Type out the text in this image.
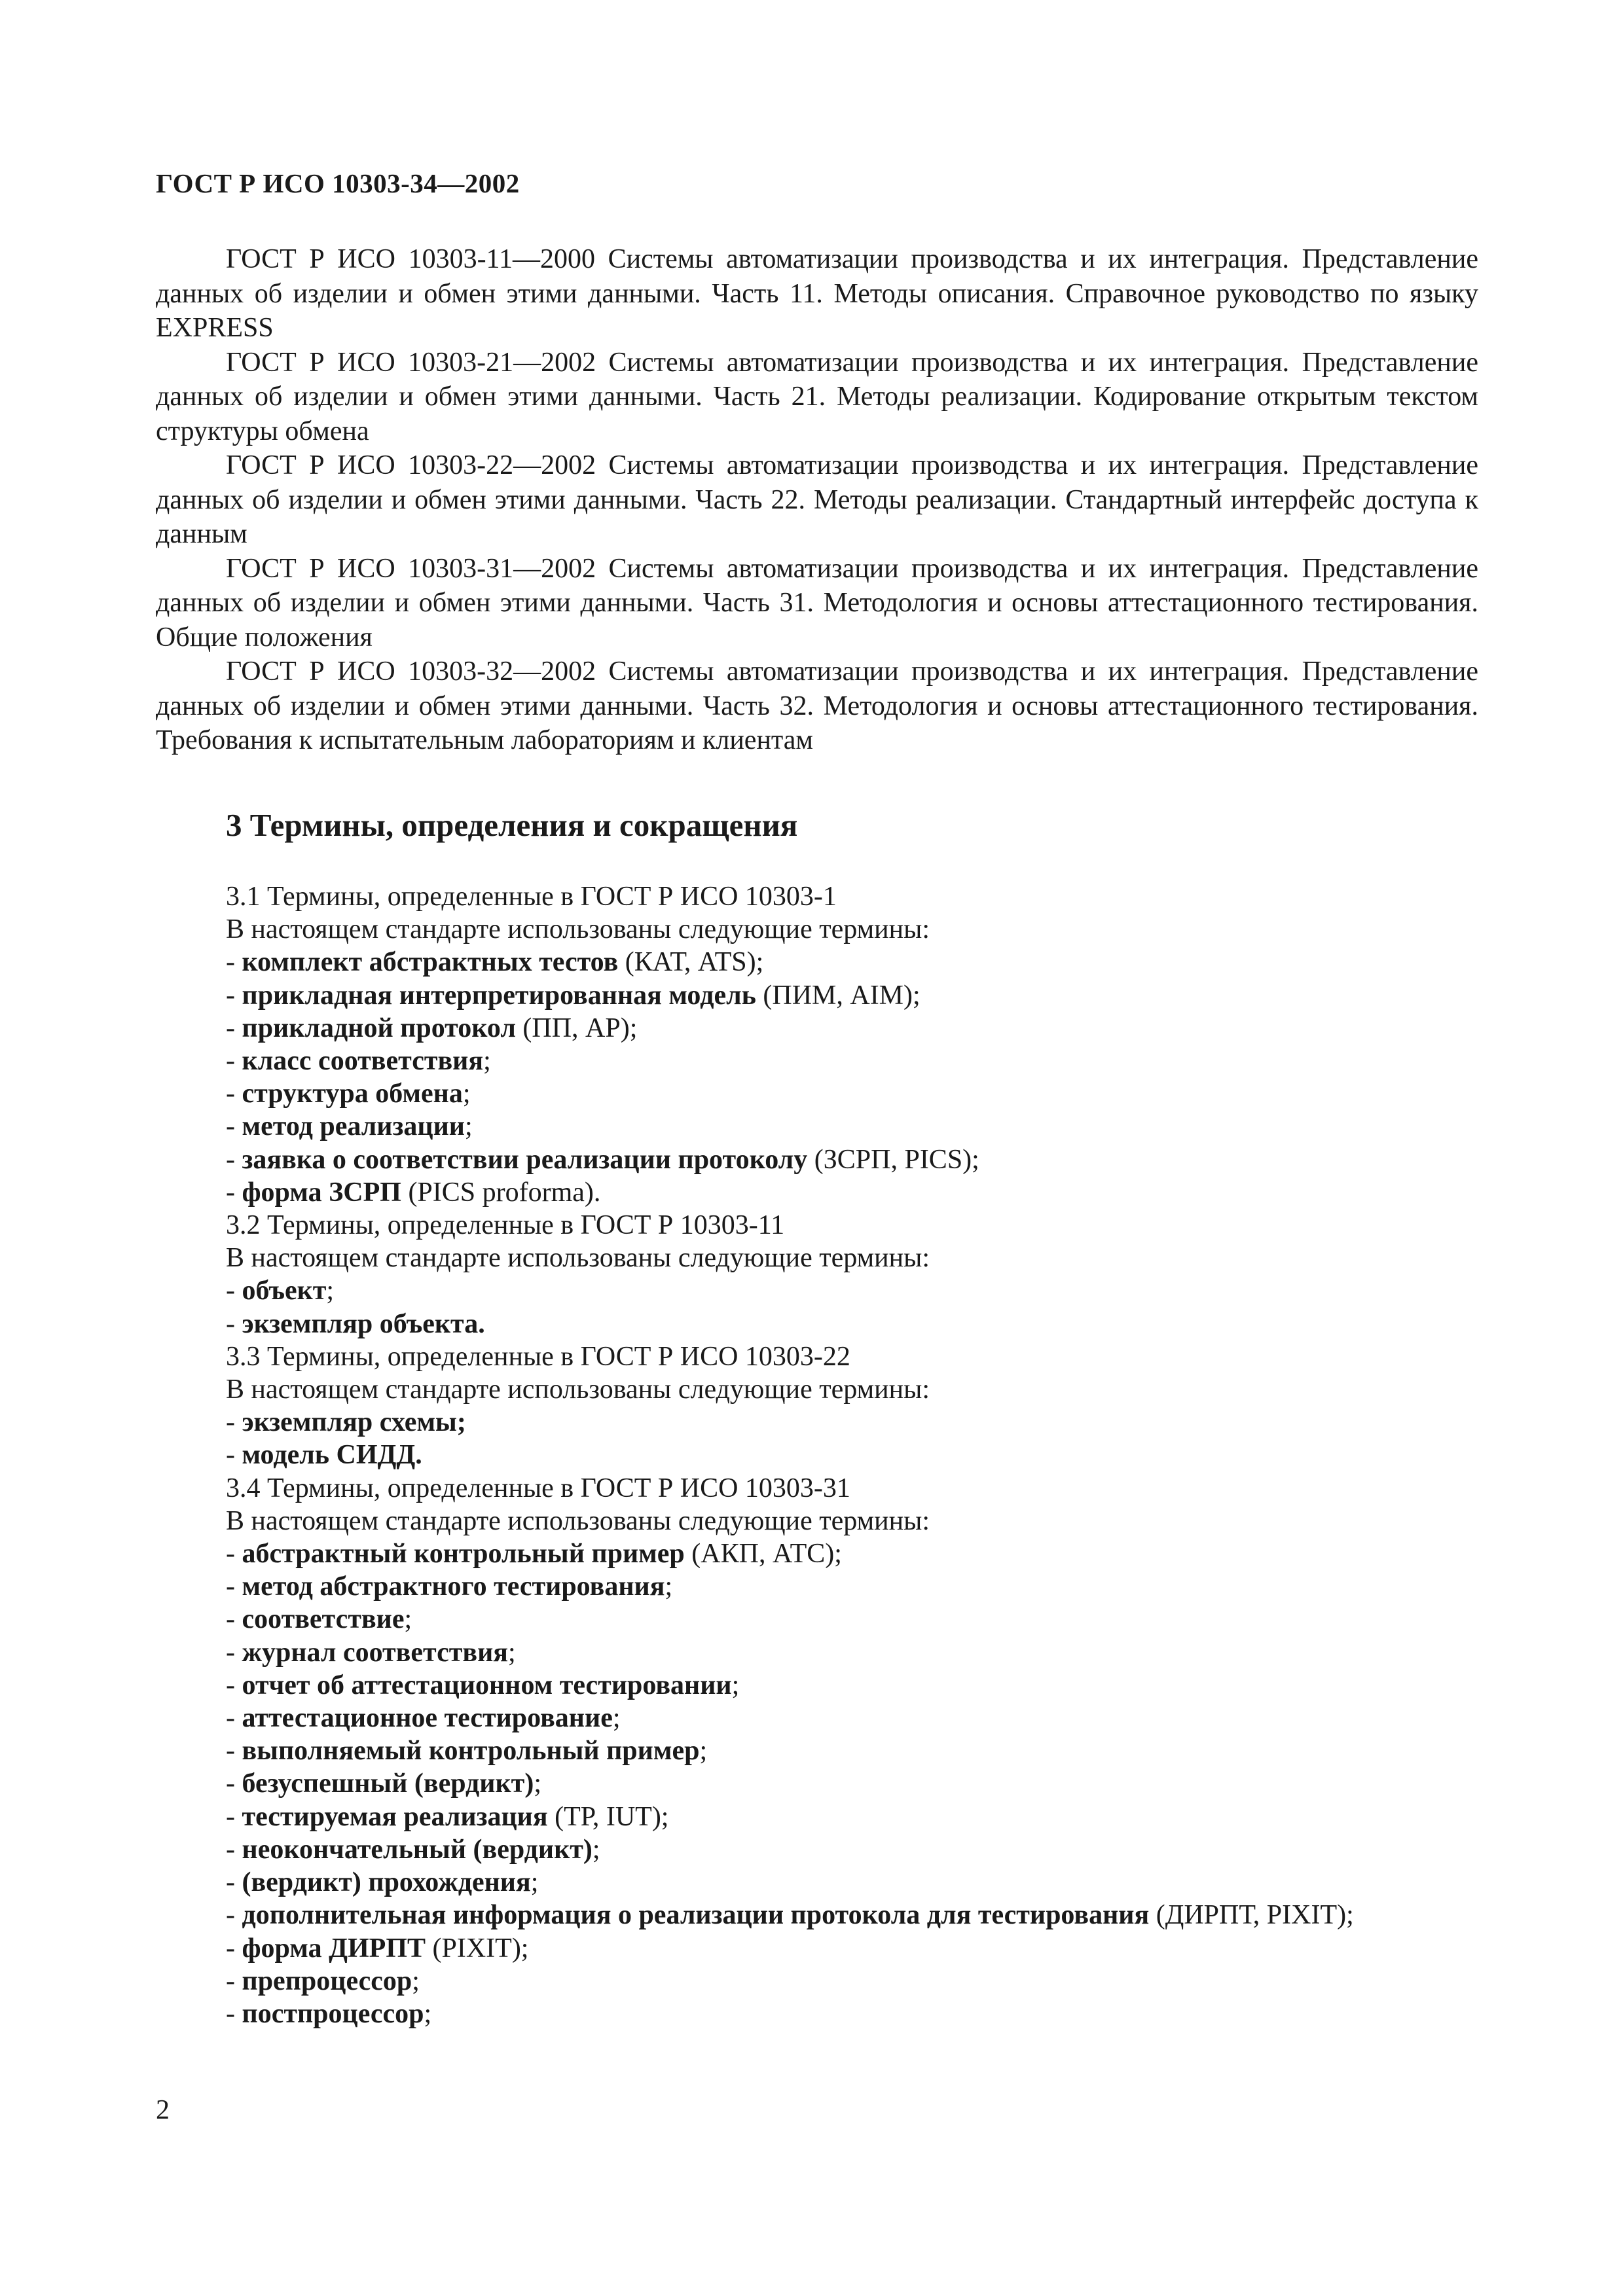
ГОСТ Р ИСО 10303-34—2002

ГОСТ Р ИСО 10303-11—2000 Системы автоматизации производства и их интеграция. Представление данных об изделии и обмен этими данными. Часть 11. Методы описания. Справочное руководство по языку EXPRESS

ГОСТ Р ИСО 10303-21—2002 Системы автоматизации производства и их интеграция. Представление данных об изделии и обмен этими данными. Часть 21. Методы реализации. Кодирование открытым текстом структуры обмена

ГОСТ Р ИСО 10303-22—2002 Системы автоматизации производства и их интеграция. Представление данных об изделии и обмен этими данными. Часть 22. Методы реализации. Стандартный интерфейс доступа к данным

ГОСТ Р ИСО 10303-31—2002 Системы автоматизации производства и их интеграция. Представление данных об изделии и обмен этими данными. Часть 31. Методология и основы аттестационного тестирования. Общие положения

ГОСТ Р ИСО 10303-32—2002 Системы автоматизации производства и их интеграция. Представление данных об изделии и обмен этими данными. Часть 32. Методология и основы аттестационного тестирования. Требования к испытательным лабораториям и клиентам

3 Термины, определения и сокращения

3.1 Термины, определенные в ГОСТ Р ИСО 10303-1

В настоящем стандарте использованы следующие термины:

- комплект абстрактных тестов (КАТ, ATS);

- прикладная интерпретированная модель (ПИМ, AIM);

- прикладной протокол (ПП, AP);

- класс соответствия;

- структура обмена;

- метод реализации;

- заявка о соответствии реализации протоколу (ЗСРП, PICS);

- форма ЗСРП (PICS proforma).

3.2 Термины, определенные в ГОСТ Р 10303-11

В настоящем стандарте использованы следующие термины:

- объект;

- экземпляр объекта.

3.3 Термины, определенные в ГОСТ Р ИСО 10303-22

В настоящем стандарте использованы следующие термины:

- экземпляр схемы;

- модель СИДД.

3.4 Термины, определенные в ГОСТ Р ИСО 10303-31

В настоящем стандарте использованы следующие термины:

- абстрактный контрольный пример (АКП, АТС);

- метод абстрактного тестирования;

- соответствие;

- журнал соответствия;

- отчет об аттестационном тестировании;

- аттестационное тестирование;

- выполняемый контрольный пример;

- безуспешный (вердикт);

- тестируемая реализация (ТР, IUT);

- неокончательный (вердикт);

- (вердикт) прохождения;

- дополнительная информация о реализации протокола для тестирования (ДИРПТ, PIXIT);

- форма ДИРПТ (PIXIT);

- препроцессор;

- постпроцессор;

2
